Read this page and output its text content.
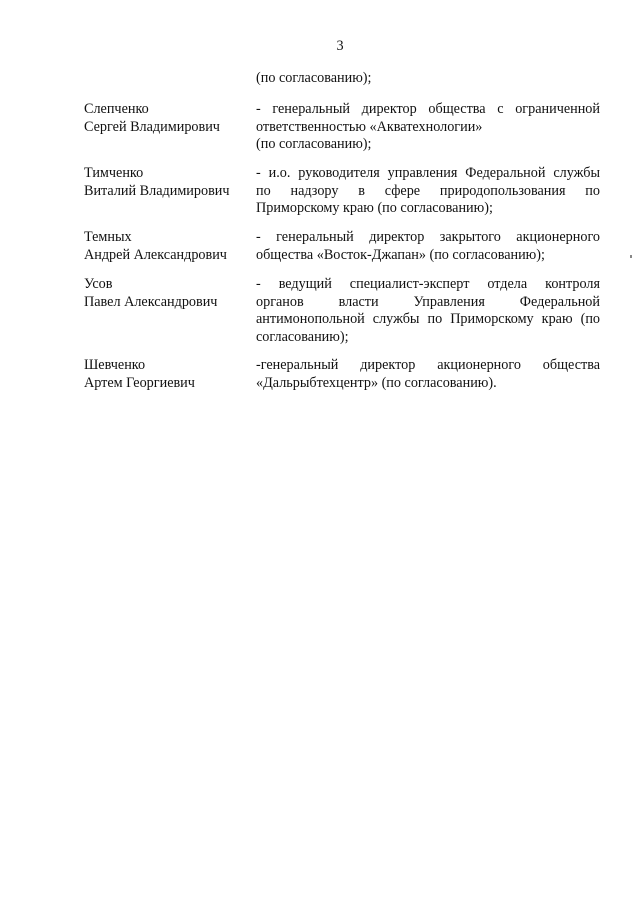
3
(по согласованию);
Слепченко
Сергей Владимирович
- генеральный директор общества с ограниченной
ответственностью «Акватехнологии»
(по согласованию);
Тимченко
Виталий Владимирович
- и.о. руководителя управления Федеральной службы
по надзору в сфере природопользования по
Приморскому краю (по согласованию);
Темных
Андрей Александрович
- генеральный директор закрытого акционерного
общества «Восток-Джапан» (по согласованию);
Усов
Павел Александрович
- ведущий специалист-эксперт отдела контроля
органов власти Управления Федеральной
антимонопольной службы по Приморскому краю (по
согласованию);
Шевченко
Артем Георгиевич
-генеральный директор акционерного общества
«Дальрыбтехцентр» (по согласованию).
